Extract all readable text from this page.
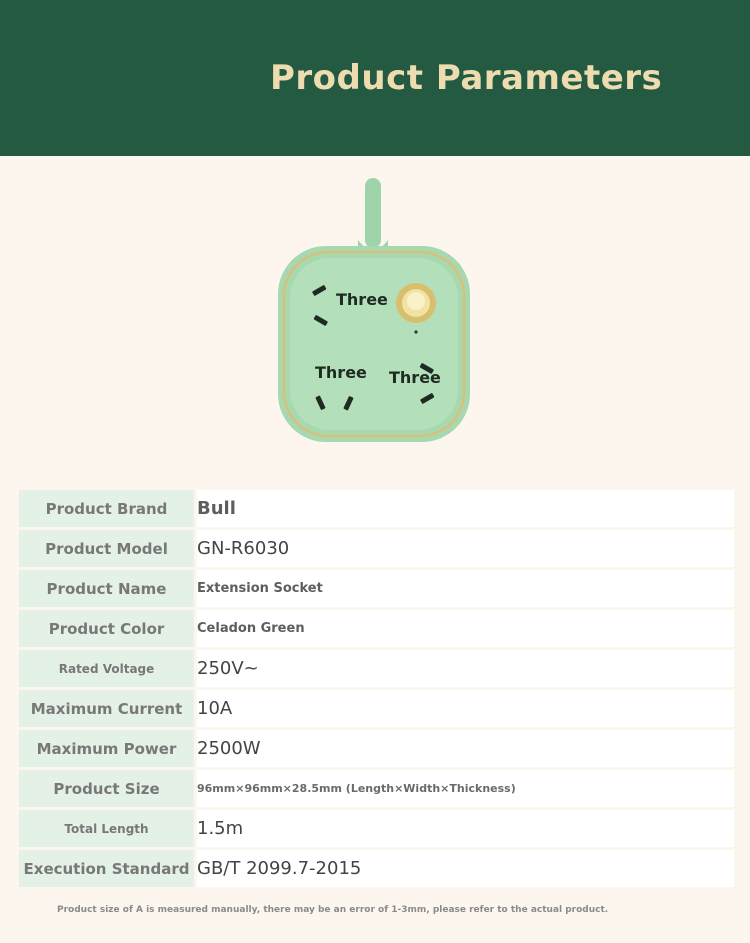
Product Parameters
Three
Three Three
Product Brand		Bull
Product Model		GN-R6030
Product Name		Extension Socket
Product Color		Celadon Green
Rated Voltage		250V~
Maximum Current		10A
Maximum Power		2500W
Product Size		96mm×96mm×28.5mm (Length×Width×Thickness)
Total Length		1.5m
Execution Standard		GB/T 2099.7-2015
Product size of A is measured manually, there may be an error of 1-3mm, please refer to the actual product.
